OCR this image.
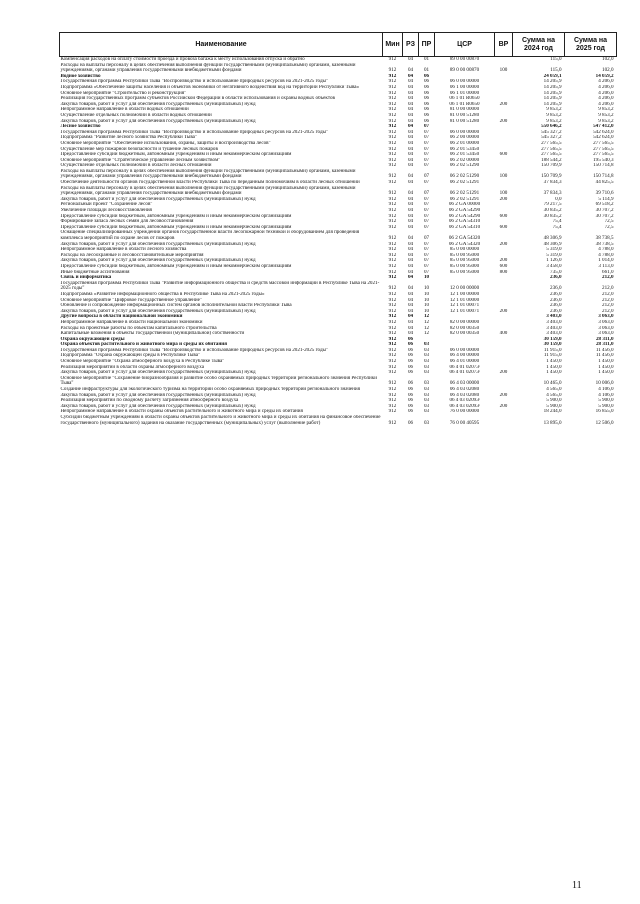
Наименование	Мин	РЗ	ПР	ЦСР	ВР	Сумма на 2024 год	Сумма на 2025 год
Компенсация расходов на оплату стоимости проезда и провоза багажа к месту использования отпуска и обратно	912	04	01	89 0 00 00870		115,0	102,0
Расходы на выплаты персоналу в целях обеспечения выполнения функций государственными (муниципальными) органами, казенными учреждениями, органами управления государственными внебюджетными фондами	912	04	01	89 0 00 00870	100	115,0	102,0
Водное хозяйство	912	04	06			24 059,1	14 059,2
Государственная программа Республики Тыва "Воспроизводство и использование природных ресурсов на 2021-2025 годы"	912	04	06	06 0 00 00000		14 205,9	4 206,0
Подпрограмма «Обеспечение защиты населения и объектов экономики от негативного воздействия вод на территории Республики Тыва»	912	04	06	06 1 00 00000		14 205,9	4 206,0
Основное мероприятие "Строительство и реконструкция"	912	04	06	06 1 01 00000		14 205,9	4 206,0
Реализация государственных программ субъектов Российской Федерации в области использования и охраны водных объектов	912	04	06	06 1 01 R0650		14 205,9	4 206,0
Закупка товаров, работ и услуг для обеспечения государственных (муниципальных) нужд	912	04	06	06 1 01 R0650	200	14 205,9	4 206,0
Непрограммное направление в области водных отношений	912	04	06	81 0 00 00000		9 853,2	9 853,2
Осуществление отдельных полномочий в области водных отношений	912	04	06	81 0 00 51280		9 853,2	9 853,2
Закупка товаров, работ и услуг для обеспечения государственных (муниципальных) нужд	912	04	06	81 0 00 51280	200	9 853,2	9 853,2
Лесное хозяйство	912	04	07			550 646,2	547 412,0
Государственная программа Республики Тыва "Воспроизводство и использование природных ресурсов на 2021-2025 годы"	912	04	07	06 0 00 00000		545 327,2	542 624,0
Подпрограмма "Развитие лесного хозяйства Республики Тыва"	912	04	07	06 2 00 00000		545 327,2	542 624,0
Основное мероприятие "Обеспечение использования, охраны, защиты и воспроизводства лесов"	912	04	07	06 2 01 00000		277 565,5	277 565,5
Осуществление мер пожарной безопасности и тушение лесных пожаров	912	04	07	06 2 01 53450		277 565,5	277 565,5
Предоставление субсидий бюджетным, автономным учреждениям и иным некоммерческим организациям	912	04	07	06 2 01 53450	600	277 565,5	277 565,5
Основное мероприятие "Стратегическое управление лесным хозяйством"	912	04	07	06 2 02 00000		188 544,2	195 540,3
Осуществление отдельных полномочий в области лесных отношений	912	04	07	06 2 02 51290		150 709,9	150 714,8
Расходы на выплаты персоналу в целях обеспечения выполнения функций государственными (муниципальными) органами, казенными учреждениями, органами управления государственными внебюджетными фондами	912	04	07	06 2 02 51290	100	150 709,9	150 714,8
Обеспечение деятельности органов государственной власти Республики Тыва по переданным полномочиям в области лесных отношений	912	04	07	06 2 02 51291		37 834,3	44 825,5
Расходы на выплаты персоналу в целях обеспечения выполнения функций государственными (муниципальными) органами, казенными учреждениями, органами управления государственными внебюджетными фондами	912	04	07	06 2 02 51291	100	37 834,3	39 710,6
Закупка товаров, работ и услуг для обеспечения государственных (муниципальных) нужд	912	04	07	06 2 02 51291	200	0,0	5 114,9
Региональный проект "Сохранение лесов"	912	04	07	06 2 GA 00000		79 217,5	69 518,2
Увеличение площади лесовосстановления	912	04	07	06 2 GA 54290		30 835,2	30 707,2
Предоставление субсидий бюджетным, автономным учреждениям и иным некоммерческим организациям	912	04	07	06 2 GA 54290	600	30 835,2	30 707,2
Формирование запаса лесных семян для лесовосстановления	912	04	07	06 2 GA 54310		75,4	72,5
Предоставление субсидий бюджетным, автономным учреждениям и иным некоммерческим организациям	912	04	07	06 2 GA 54310	600	75,4	72,5
Оснащение специализированных учреждений органов государственной власти лесопожарной техникой и оборудованием для проведения комплекса мероприятий по охране лесов от пожаров	912	04	07	06 2 GA 54320		48 306,9	38 738,5
Закупка товаров, работ и услуг для обеспечения государственных (муниципальных) нужд	912	04	07	06 2 GA 54320	200	48 306,9	38 738,5
Непрограммное направление в области лесного хозяйства	912	04	07	85 0 00 00000		5 319,0	4 788,0
Расходы на лесоохранные и лесовосстановительные мероприятия	912	04	07	85 0 00 95000		5 319,0	4 788,0
Закупка товаров, работ и услуг для обеспечения государственных (муниципальных) нужд	912	04	07	85 0 00 95000	200	1 126,0	1 014,0
Предоставление субсидий бюджетным, автономным учреждениям и иным некоммерческим организациям	912	04	07	85 0 00 95000	600	3 458,0	3 113,0
Иные бюджетные ассигнования	912	04	07	85 0 00 95000	800	735,0	661,0
Связь и информатика	912	04	10			236,0	212,0
Государственная программа Республики Тыва "Развитие информационного общества и средств массовой информации в Республике Тыва на 2021-2025 годы"	912	04	10	12 0 00 00000		236,0	212,0
Подпрограмма «Развитие информационного общества в Республике Тыва на 2021-2025 годы»	912	04	10	12 1 00 00000		236,0	212,0
Основное мероприятие "Цифровое государственное управление"	912	04	10	12 1 01 00000		236,0	212,0
Обновление и сопровождение информационных систем органов исполнительной власти Республики Тыва	912	04	10	12 1 01 00071		236,0	212,0
Закупка товаров, работ и услуг для обеспечения государственных (муниципальных) нужд	912	04	10	12 1 01 00071	200	236,0	212,0
Другие вопросы в области национальной экономики	912	04	12			3 403,0	3 063,0
Непрограммное направление в области национальной экономики	912	04	12	82 0 00 00000		3 403,0	3 063,0
Расходы на проектные работы по объектам капитального строительства	912	04	12	82 0 00 00350		3 403,0	3 063,0
Капитальные вложения в объекты государственной (муниципальной) собственности	912	04	12	82 0 00 00350	400	3 403,0	3 063,0
Охрана окружающей среды	912	06				30 159,0	28 311,0
Охрана объектов растительного и животного мира и среды их обитания	912	06	03			30 159,0	28 311,0
Государственная программа Республики Тыва "Воспроизводство и использование природных ресурсов на 2021-2025 годы"	912	06	03	06 0 00 00000		11 915,0	11 456,0
Подпрограмма "Охрана окружающей среды в Республике Тыва"	912	06	03	06 4 00 00000		11 915,0	11 456,0
Основное мероприятие "Охрана атмосферного воздуха в Республике Тыва"	912	06	03	06 4 01 00000		1 450,0	1 450,0
Реализация мероприятий в области охраны атмосферного воздуха	912	06	03	06 4 01 0207Э		1 450,0	1 450,0
Закупка товаров, работ и услуг для обеспечения государственных (муниципальных) нужд	912	06	03	06 4 01 0207Э	200	1 450,0	1 450,0
Основное мероприятие "Сохранение биоразнообразия и развитие особо охраняемых природных территорий регионального значения Республики Тыва"	912	06	03	06 4 03 00000		10 465,0	10 006,0
Создание инфраструктуры для экологического туризма на территории особо охраняемых природных территорий регионального значения	912	06	03	06 4 03 02080		4 565,0	4 106,0
Закупка товаров, работ и услуг для обеспечения государственных (муниципальных) нужд	912	06	03	06 4 03 02080	200	4 565,0	4 106,0
Реализация мероприятий по сводному расчету загрязнения атмосферного воздуха	912	06	03	06 4 03 0209Э		5 900,0	5 900,0
Закупка товаров, работ и услуг для обеспечения государственных (муниципальных) нужд	912	06	03	06 4 03 0209Э	200	5 900,0	5 900,0
Непрограммное направление в области охраны объектов растительного и животного мира и среды их обитания	912	06	03	76 0 00 00000		18 244,0	16 855,0
Субсидии бюджетным учреждениям в области охраны объектов растительного и животного мира и среды их обитания на финансовое обеспечение государственного (муниципального) задания на оказание государственных (муниципальных) услуг (выполнение работ)	912	06	03	76 0 00 40595		13 895,0	12 506,0
11
